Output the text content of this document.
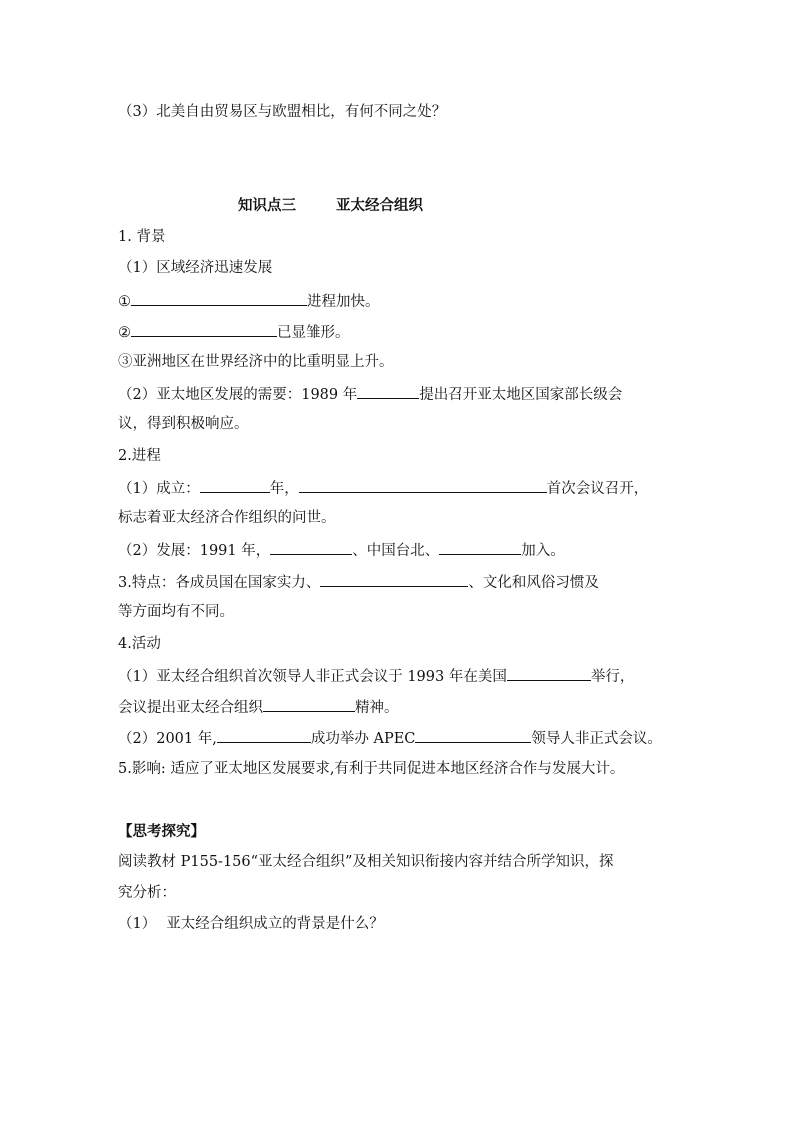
（3）北美自由贸易区与欧盟相比，有何不同之处？
知识点三	亚太经合组织
1. 背景
（1）区域经济迅速发展
①	进程加快。
②	已显雏形。
③亚洲地区在世界经济中的比重明显上升。
（2）亚太地区发展的需要：1989 年	提出召开亚太地区国家部长级会
议，得到积极响应。
2.进程
（1）成立：	年，	首次会议召开，
标志着亚太经济合作组织的问世。
（2）发展：1991 年，	、中国台北、	加入。
3.特点：各成员国在国家实力、	、文化和风俗习惯及
等方面均有不同。
4.活动
（1）亚太经合组织首次领导人非正式会议于 1993 年在美国	举行，
会议提出亚太经合组织	精神。
（2）2001 年,	成功举办 APEC	领导人非正式会议。
5.影响: 适应了亚太地区发展要求,有利于共同促进本地区经济合作与发展大计。
【思考探究】
阅读教材 P155-156“亚太经合组织”及相关知识衔接内容并结合所学知识，探
究分析：
（1） 亚太经合组织成立的背景是什么？
